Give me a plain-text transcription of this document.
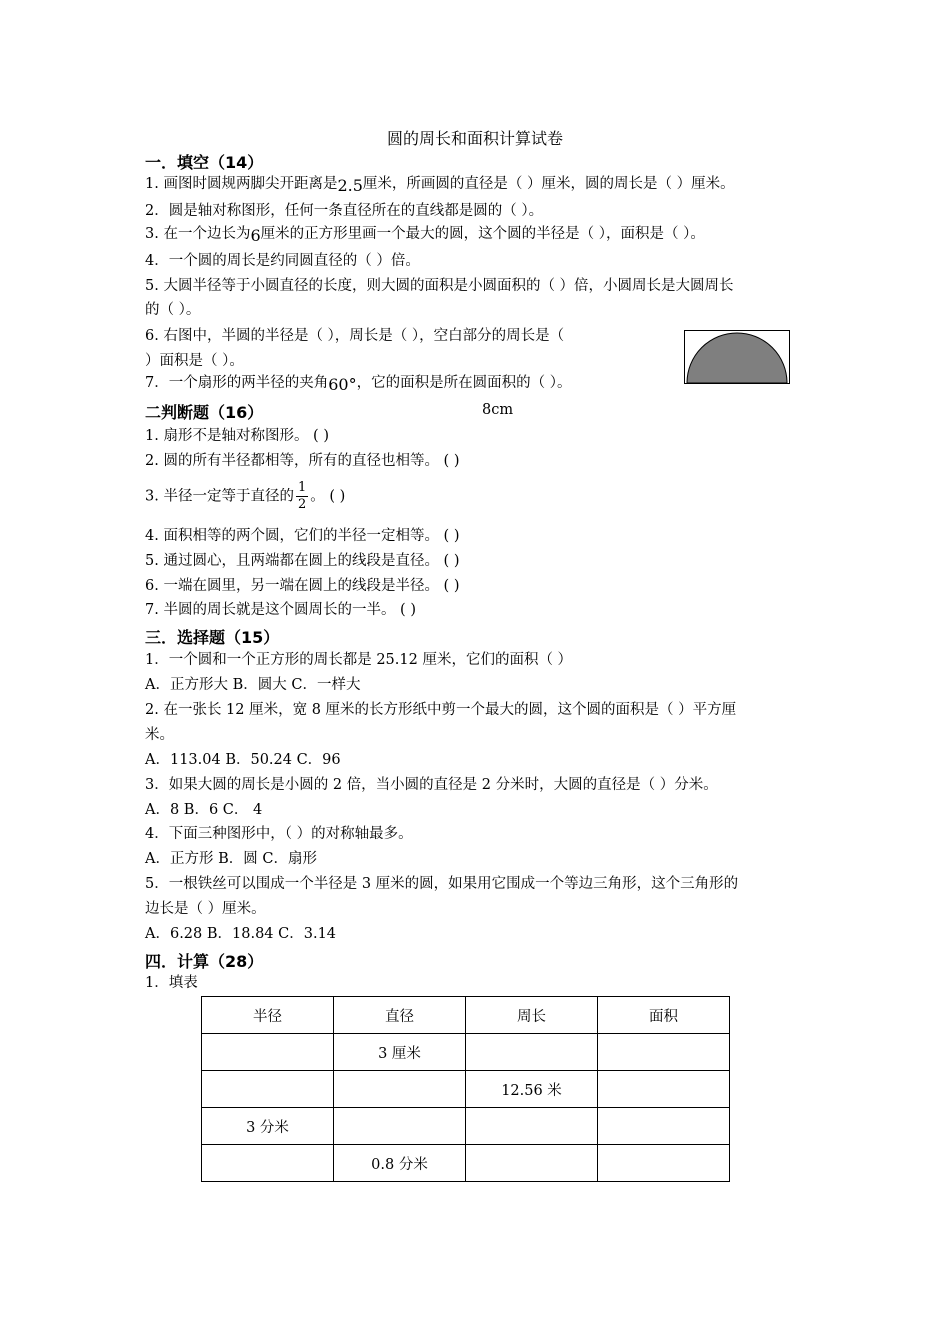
圆的周长和面积计算试卷
一．填空（14）
1. 画图时圆规两脚尖开距离是2.5厘米，所画圆的直径是（ ）厘米，圆的周长是（ ）厘米。
2．圆是轴对称图形，任何一条直径所在的直线都是圆的（ ）。
3. 在一个边长为6厘米的正方形里画一个最大的圆，这个圆的半径是（ ），面积是（ ）。
4．一个圆的周长是约同圆直径的（ ）倍。
5. 大圆半径等于小圆直径的长度，则大圆的面积是小圆面积的（ ）倍，小圆周长是大圆周长
的（ ）。
6. 右图中，半圆的半径是（ ），周长是（ ），空白部分的周长是（
）面积是（ ）。
7．一个扇形的两半径的夹角60°，它的面积是所在圆面积的（ ）。
8cm
二判断题（16）
1. 扇形不是轴对称图形。 ( )
2. 圆的所有半径都相等，所有的直径也相等。 ( )
3. 半径一定等于直径的 $\frac{1}{2}$ 。 ( )
4. 面积相等的两个圆，它们的半径一定相等。 ( )
5. 通过圆心，且两端都在圆上的线段是直径。 ( )
6. 一端在圆里，另一端在圆上的线段是半径。 ( )
7. 半圆的周长就是这个圆周长的一半。 ( )
三．选择题（15）
1．一个圆和一个正方形的周长都是 25.12 厘米，它们的面积（ ）
A．正方形大 B．圆大 C．一样大
2. 在一张长 12 厘米，宽 8 厘米的长方形纸中剪一个最大的圆，这个圆的面积是（ ）平方厘
米。
A．113.04 B．50.24 C．96
3．如果大圆的周长是小圆的 2 倍，当小圆的直径是 2 分米时，大圆的直径是（ ）分米。
A．8 B．6 C． 4
4．下面三种图形中，（ ）的对称轴最多。
A．正方形 B．圆 C．扇形
5．一根铁丝可以围成一个半径是 3 厘米的圆，如果用它围成一个等边三角形，这个三角形的
边长是（ ）厘米。
A．6.28 B．18.84 C．3.14
四．计算（28）
1．填表
半径	直径	周长	面积
	3 厘米		
		12.56 米	
3 分米			
	0.8 分米		
